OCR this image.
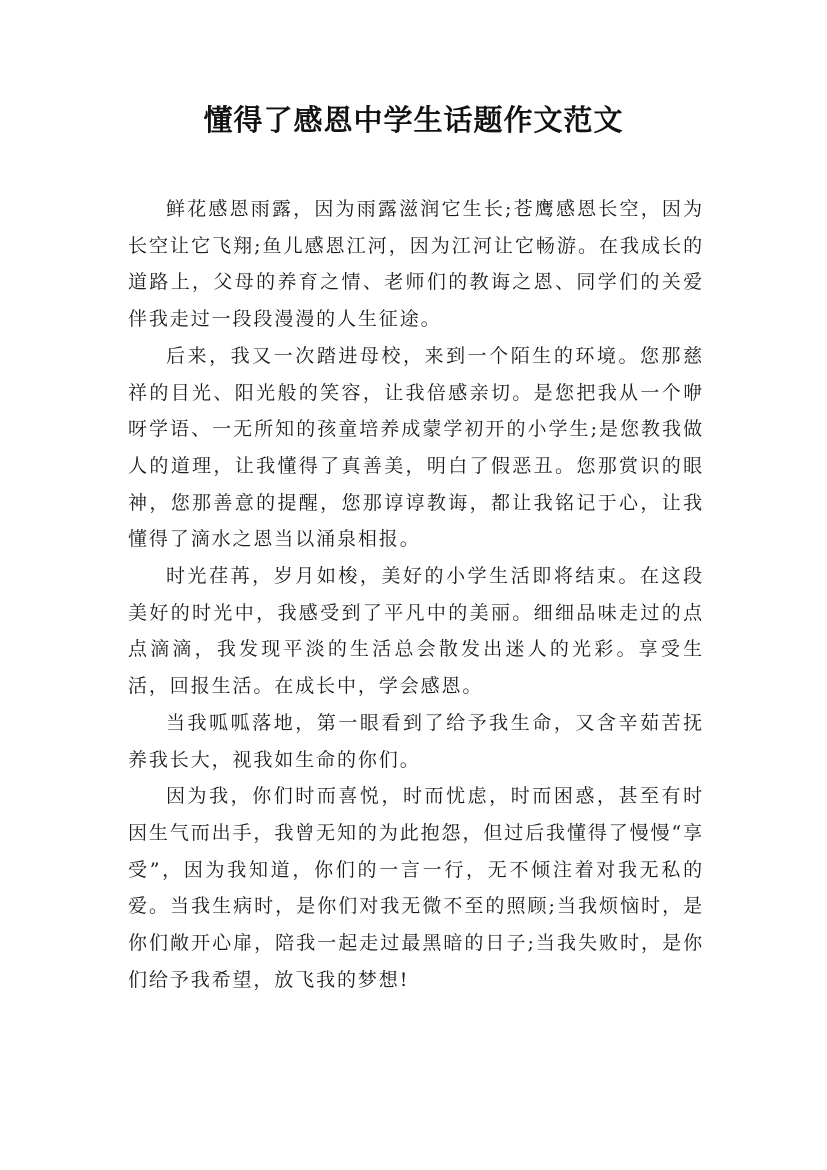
懂得了感恩中学生话题作文范文

鲜花感恩雨露，因为雨露滋润它生长;苍鹰感恩长空，因为长空让它飞翔;鱼儿感恩江河，因为江河让它畅游。在我成长的道路上，父母的养育之情、老师们的教诲之恩、同学们的关爱伴我走过一段段漫漫的人生征途。

后来，我又一次踏进母校，来到一个陌生的环境。您那慈祥的目光、阳光般的笑容，让我倍感亲切。是您把我从一个咿呀学语、一无所知的孩童培养成蒙学初开的小学生;是您教我做人的道理，让我懂得了真善美，明白了假恶丑。您那赏识的眼神，您那善意的提醒，您那谆谆教诲，都让我铭记于心，让我懂得了滴水之恩当以涌泉相报。

时光荏苒，岁月如梭，美好的小学生活即将结束。在这段美好的时光中，我感受到了平凡中的美丽。细细品味走过的点点滴滴，我发现平淡的生活总会散发出迷人的光彩。享受生活，回报生活。在成长中，学会感恩。

当我呱呱落地，第一眼看到了给予我生命，又含辛茹苦抚养我长大，视我如生命的你们。

因为我，你们时而喜悦，时而忧虑，时而困惑，甚至有时因生气而出手，我曾无知的为此抱怨，但过后我懂得了慢慢“享受”，因为我知道，你们的一言一行，无不倾注着对我无私的爱。当我生病时，是你们对我无微不至的照顾;当我烦恼时，是你们敞开心扉，陪我一起走过最黑暗的日子;当我失败时，是你们给予我希望，放飞我的梦想!
